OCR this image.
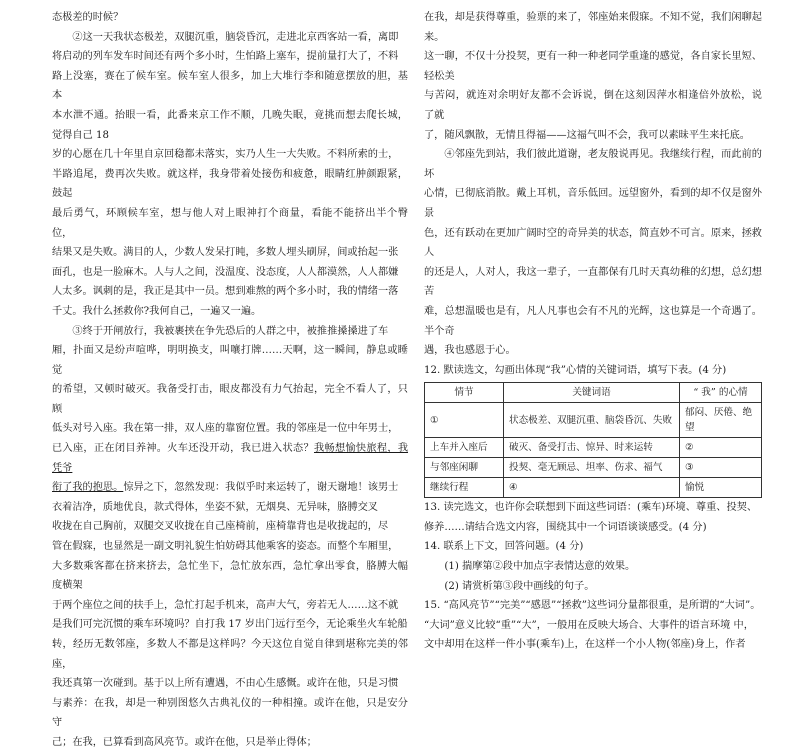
态极差的时候？

②这一天我状态极差，双腿沉重，脑袋昏沉，走进北京西客站一看，离即

将启动的列车发车时间还有两个多小时，生怕路上塞车，提前量打大了，不料

路上没塞，赛在了候车室。候车室人很多，加上大堆行李和随意摆放的胆，基本

本水泄不通。抬眼一看，此番来京工作不顺，几晚失眠，竟挑而想去爬长城，觉得自己 18

岁的心愿在几十年里自京回稳都未落实，实乃人生一大失败。不料所索的士，

半路追尾，费再次失败。就这样，我身带着处接伤和疲惫，眼睛红肿颜跟紧，鼓起

最后勇气，环顾候车室，想与他人对上眼神打个商量，看能不能挤出半个臀位，

结果又是失败。满目的人，少数人发呆打盹，多数人埋头刷屏，间或抬起一张

面孔，也是一脸麻木。人与人之间，没温度、没态度，人人都漠然，人人都嫌

人太多。讽刺的是，我正是其中一员。想到难熬的两个多小时，我的情绪一落

千丈。我什么拯救你?我何自己，一遍又一遍。

③终于开闸放行，我被裹挟在争先恐后的人群之中，被推推搡搡进了车

厢，扑面又是纷声喧哗，明明换支，叫嚷打牌……天啊，这一瞬间，静息或睡觉

的希望，又顿时破灭。我备受打击，眼皮都没有力气抬起，完全不看人了，只顾

低头对号入座。我在第一排，双人座的靠窗位置。我的邻座是一位中年男士，

已入座，正在闭目养神。火车还没开动，我已进入状态？我畅想愉快旅程，我凭爷

衔了我的抱思。惊异之下，忽然发现：我似乎时来运转了，谢天谢地！该男士

衣着洁净，质地优良，款式得体，坐姿不狱，无烟臭、无异味，胳膊交叉

收拢在自己胸前，双腿交叉收拢在自己座椅前，座椅靠背也是收拢起的，尽

管在假寐，也显然是一副文明礼貌生怕妨碍其他乘客的姿态。而整个车厢里，

大多数乘客都在挤来挤去，急忙坐下，急忙放东西，急忙拿出零食，胳膊大幅度横架

于两个座位之间的扶手上，急忙打起手机来，高声大气，旁若无人……这不就

是我们可完沉惯的乘车环境吗？自打我 17 岁出门远行至今，无论乘坐火车轮船

转，经历无数邻座，多数人不都是这样吗？今天这位自觉自律到堪称完美的邻座，

我还真第一次碰到。基于以上所有遭遇，不由心生感慨。或许在他，只是习惯

与素养：在我，却是一种别图悠久古典礼仪的一种相撞。或许在他，只是安分守

己；在我，已算看到高风亮节。或许在他，只是举止得体；

在我，却是获得尊重，验票的来了，邻座始来假寐。不知不觉，我们闲聊起来。

这一聊，不仅十分投契，更有一种一种老同学重逢的感觉，各自家长里短、轻松美

与苦闷，就连对余明好友都不会诉说，倒在这刻因萍水相逢倍外放松，说 了就

了，随风飘散，无情且得福——这福气叫不会，我可以素昧平生来托底。

④邻座先到站，我们彼此道谢，老友般说再见。我继续行程，而此前的坏

心情，已彻底消散。戴上耳机，音乐低回。远望窗外，看到的却不仅是窗外景

色，还有跃动在更加广阔时空的奇异美的状态，简直妙不可言。原来，拯救人

的还是人，人对人，我这一辈子，一直都保有几时天真幼稚的幻想，总幻想苦

难，总想温暖也是有，凡人凡事也会有不凡的光辉，这也算是一个奇遇了。半个奇

遇，我也感恩于心。

12. 默读选文，勾画出体现“我”心情的关键词语，填写下表。(4 分)

情节	关键词语	“ 我” 的心情
①	状态极差、双腿沉重、脑袋昏沉、失败	郁闷、厌倦、绝望
上车并入座后	破灭、备受打击、惊异、时来运转	②
与邻座闲聊	投契、毫无顾忌、坦率、伤求、福气	③
继续行程	④	愉悦

13. 读完选文，也许你会联想到下面这些词语：(乘车)环境、尊重、投契、修养……请结合选文内容，围绕其中一个词语谈谈感受。(4 分)

14. 联系上下文，回答问题。(4 分)

(1) 揣摩第②段中加点字表情达意的效果。

(2) 请赏析第③段中画线的句子。

15. “高风亮节”“完美”“感恩”“拯救”这些词分量都很重，是所谓的“大词”。

“大词”意义比较“重”“大”，一般用在反映大场合、大事件的语言环境 中，文中却用在这样一件小事(乘车)上，在这样一个小人物(邻座)身上，作者
